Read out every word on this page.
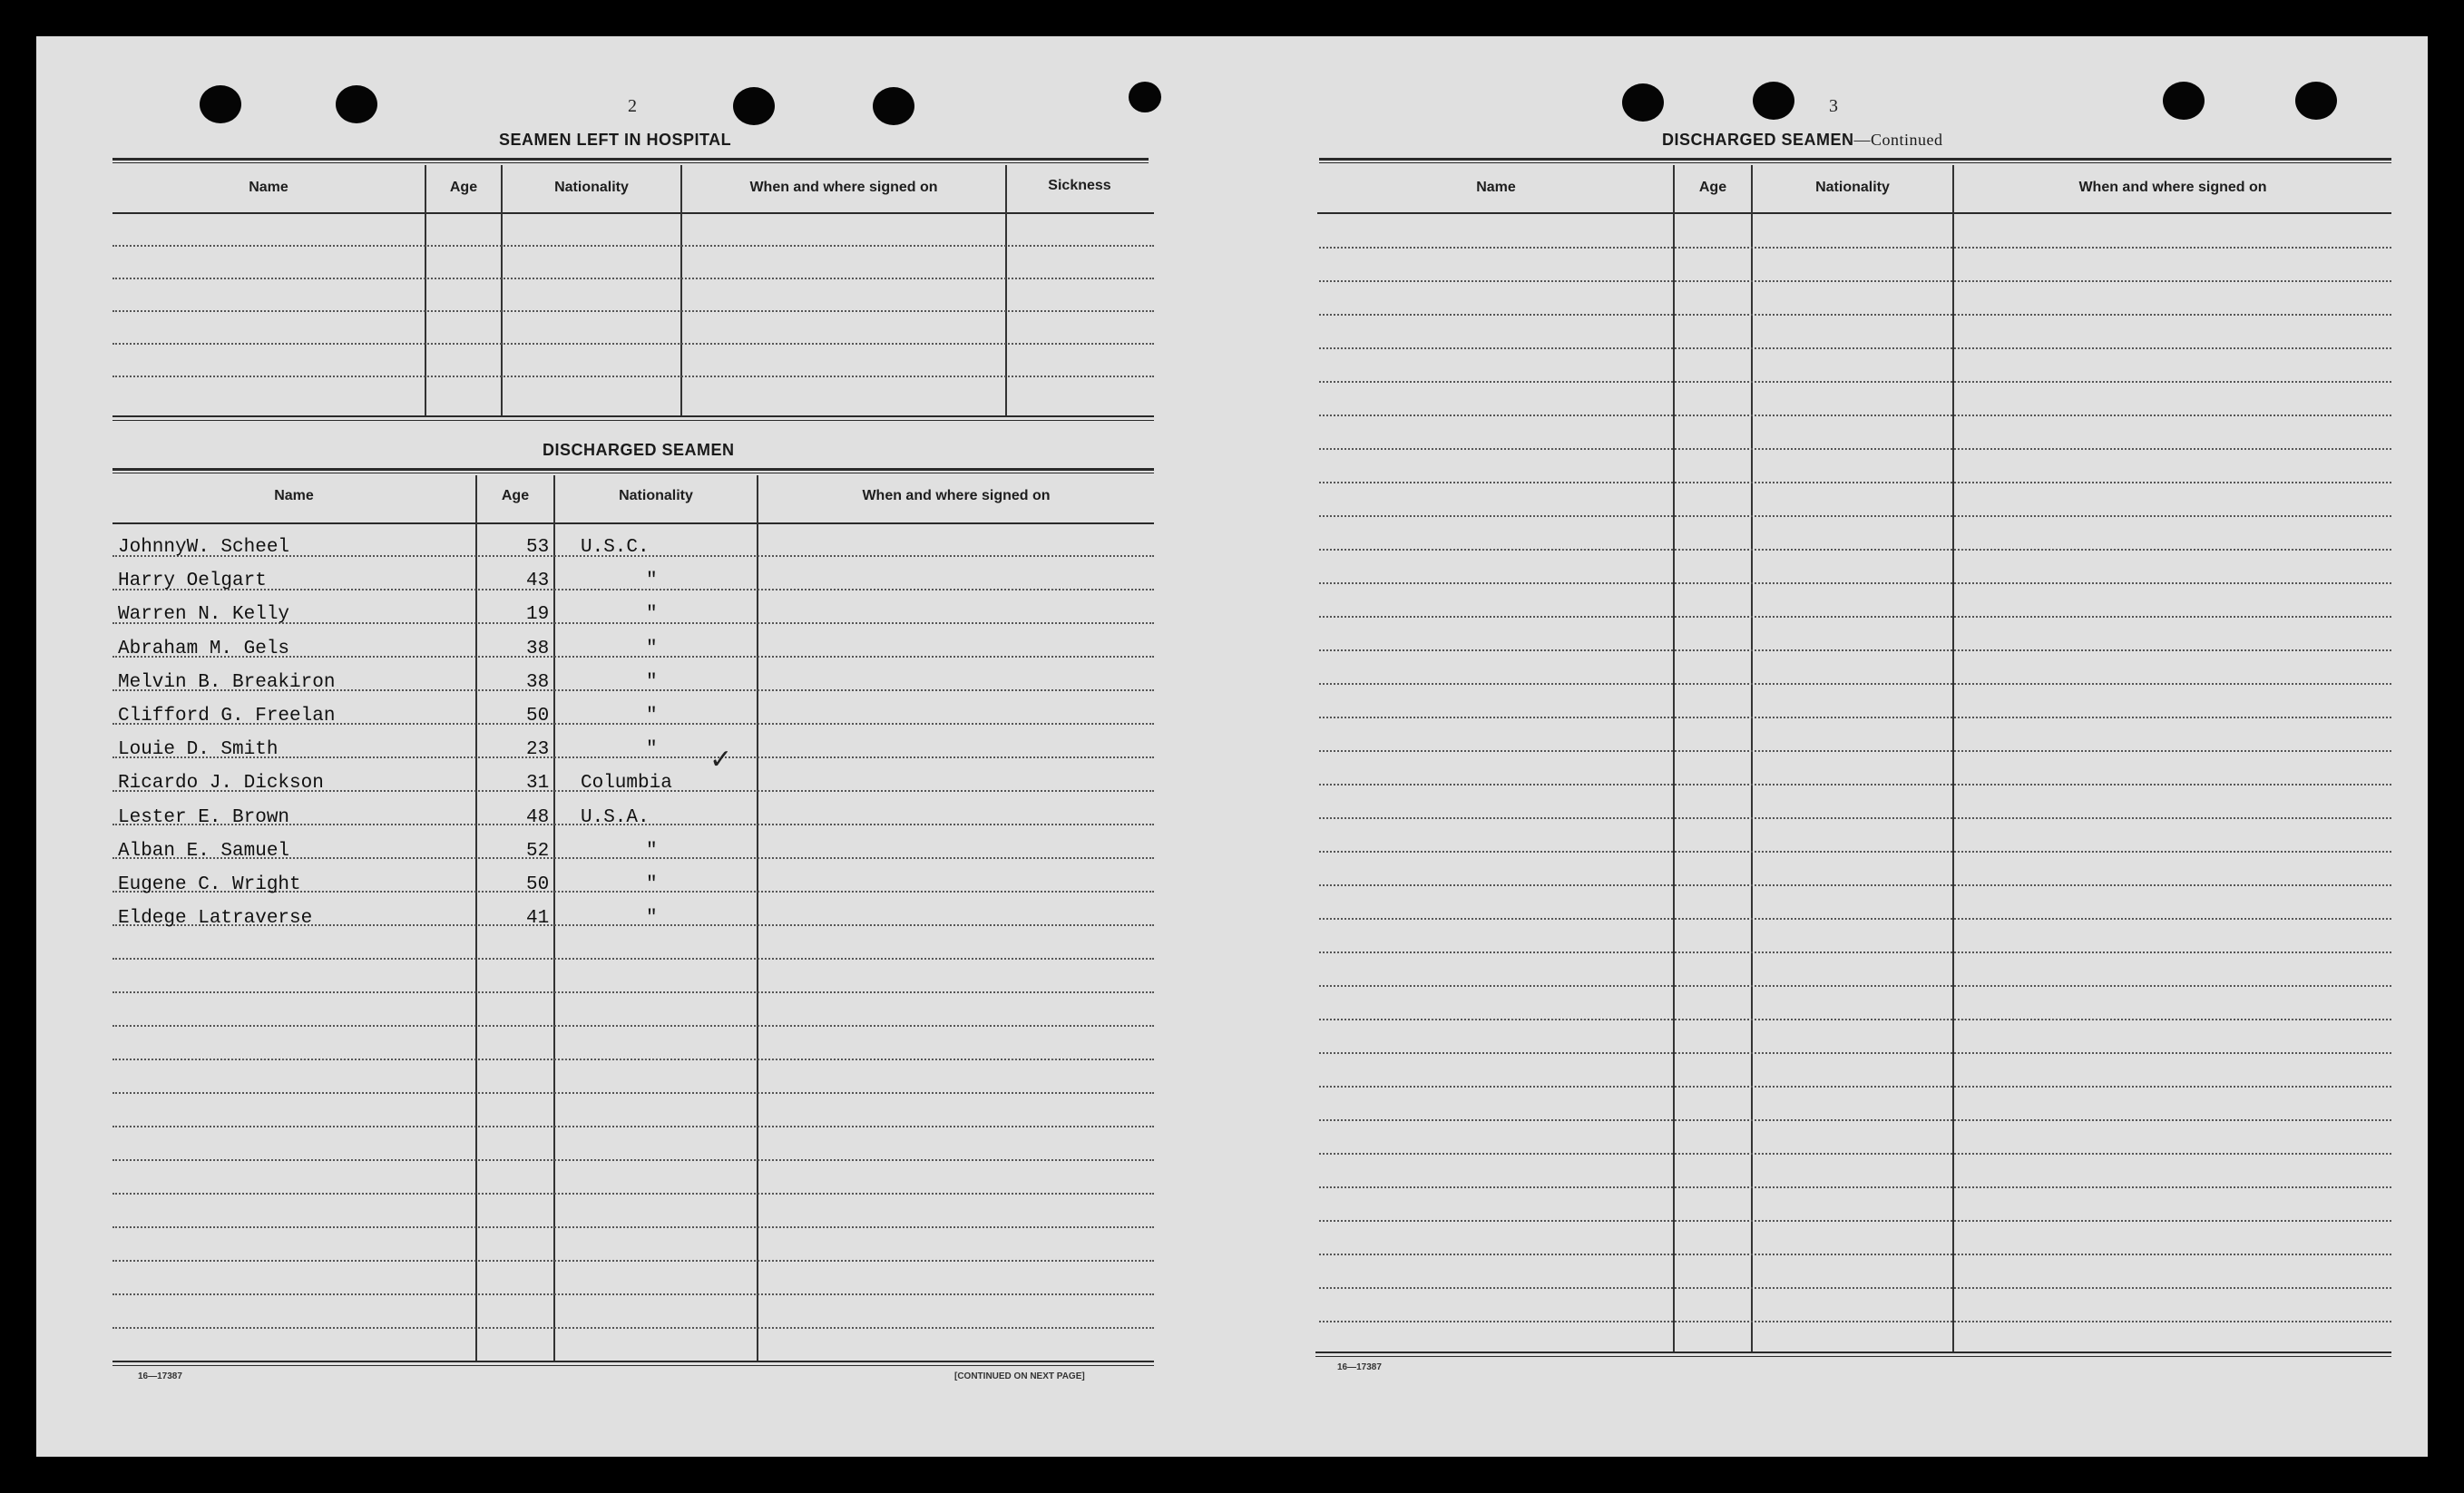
2
SEAMEN LEFT IN HOSPITAL
Name	Age	Nationality	When and where signed on	Sickness
DISCHARGED SEAMEN
Name	Age	Nationality	When and where signed on
JohnnyW. Scheel	53 U.S.C.
Harry Oelgart	43	"
Warren N. Kelly	19	"
Abraham M. Gels	38	"
Melvin B. Breakiron	38	"
Clifford G. Freelan	50	"
Louie D. Smith	23	"
Ricardo J. Dickson	31 Columbia
Lester E. Brown	48 U.S.A.
Alban E. Samuel	52	"
Eugene C. Wright	50	"
Eldege Latraverse	41	"
✓
16—17387	[CONTINUED ON NEXT PAGE]
3
DISCHARGED SEAMEN—Continued
Name	Age	Nationality	When and where signed on
16—17387
